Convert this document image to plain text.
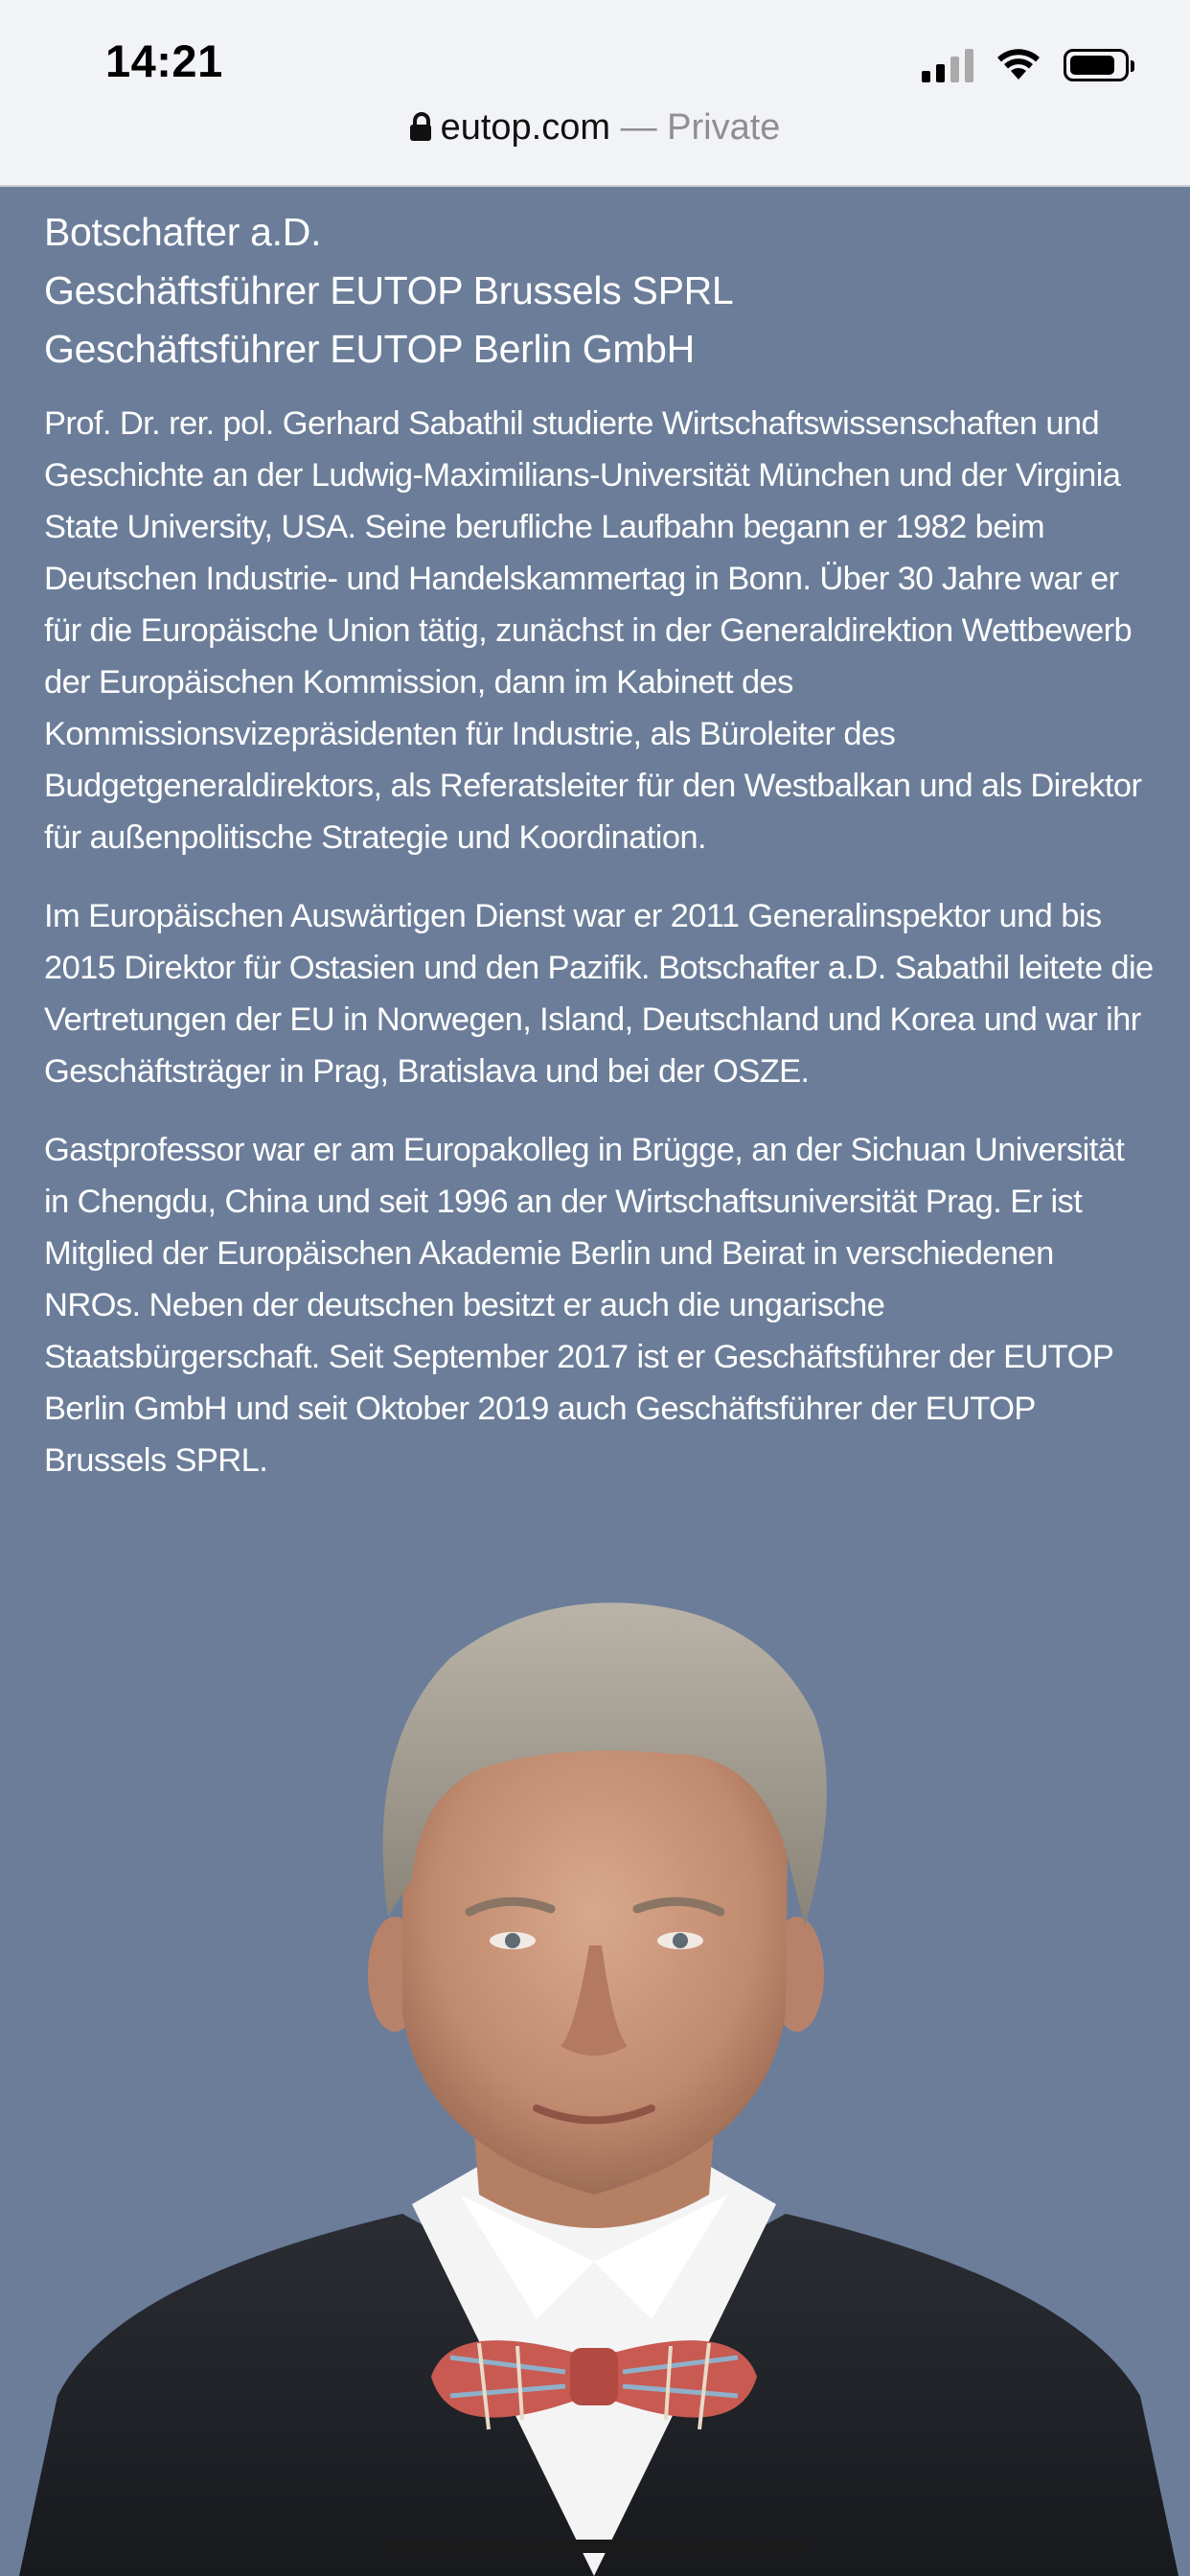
14:21
eutop.com — Private
Botschafter a.D.
Geschäftsführer EUTOP Brussels SPRL
Geschäftsführer EUTOP Berlin GmbH

Prof. Dr. rer. pol. Gerhard Sabathil studierte Wirtschaftswissenschaften und Geschichte an der Ludwig-Maximilians-Universität München und der Virginia State University, USA. Seine berufliche Laufbahn begann er 1982 beim Deutschen Industrie- und Handelskammertag in Bonn. Über 30 Jahre war er für die Europäische Union tätig, zunächst in der Generaldirektion Wettbewerb der Europäischen Kommission, dann im Kabinett des Kommissionsvizepräsidenten für Industrie, als Büroleiter des Budgetgeneraldirektors, als Referatsleiter für den Westbalkan und als Direktor für außenpolitische Strategie und Koordination.

Im Europäischen Auswärtigen Dienst war er 2011 Generalinspektor und bis 2015 Direktor für Ostasien und den Pazifik. Botschafter a.D. Sabathil leitete die Vertretungen der EU in Norwegen, Island, Deutschland und Korea und war ihr Geschäftsträger in Prag, Bratislava und bei der OSZE.

Gastprofessor war er am Europakolleg in Brügge, an der Sichuan Universität in Chengdu, China und seit 1996 an der Wirtschaftsuniversität Prag. Er ist Mitglied der Europäischen Akademie Berlin und Beirat in verschiedenen NROs. Neben der deutschen besitzt er auch die ungarische Staatsbürgerschaft. Seit September 2017 ist er Geschäftsführer der EUTOP Berlin GmbH und seit Oktober 2019 auch Geschäftsführer der EUTOP Brussels SPRL.
